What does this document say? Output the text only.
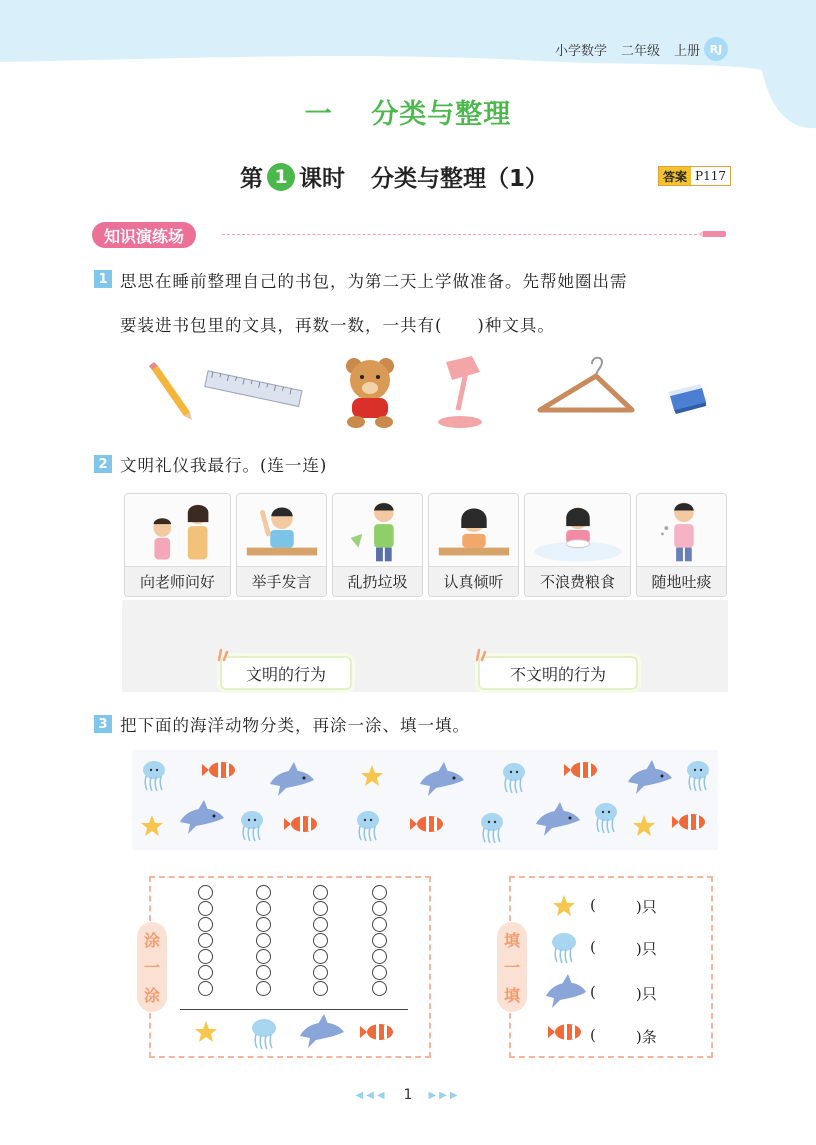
小学数学 二年级 上册 RJ
一 分类与整理
第 1 课时 分类与整理（1）	答案 P117
知识演练场
1 思思在睡前整理自己的书包，为第二天上学做准备。先帮她圈出需
要装进书包里的文具，再数一数，一共有(　　)种文具。
2 文明礼仪我最行。(连一连)
向老师问好	举手发言	乱扔垃圾	认真倾听	不浪费粮食	随地吐痰
文明的行为	不文明的行为
3 把下面的海洋动物分类，再涂一涂、填一填。
涂
一
涂
填
一
填
(	)只
(	)只
(	)只
(	)条
◀◀◀ 1 ▶▶▶
